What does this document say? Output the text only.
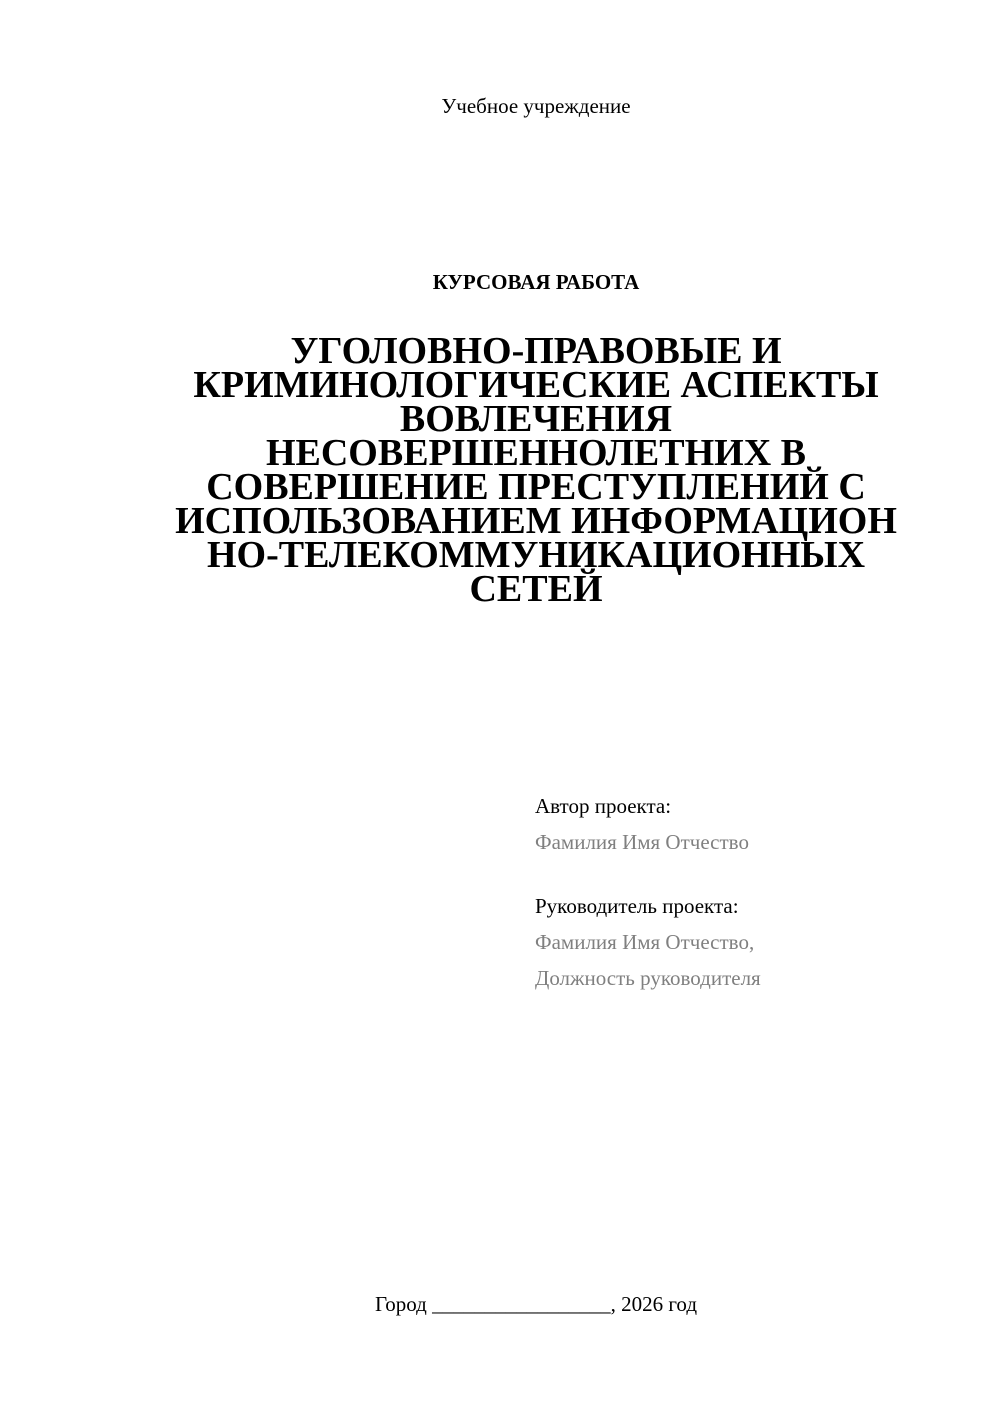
Учебное учреждение
КУРСОВАЯ РАБОТА
УГОЛОВНО-ПРАВОВЫЕ И
КРИМИНОЛОГИЧЕСКИЕ АСПЕКТЫ
ВОВЛЕЧЕНИЯ
НЕСОВЕРШЕННОЛЕТНИХ В
СОВЕРШЕНИЕ ПРЕСТУПЛЕНИЙ С
ИСПОЛЬЗОВАНИЕМ ИНФОРМАЦИОН
НО-ТЕЛЕКОММУНИКАЦИОННЫХ
СЕТЕЙ
Автор проекта:
Фамилия Имя Отчество
Руководитель проекта:
Фамилия Имя Отчество,
Должность руководителя
Город _________________, 2026 год
